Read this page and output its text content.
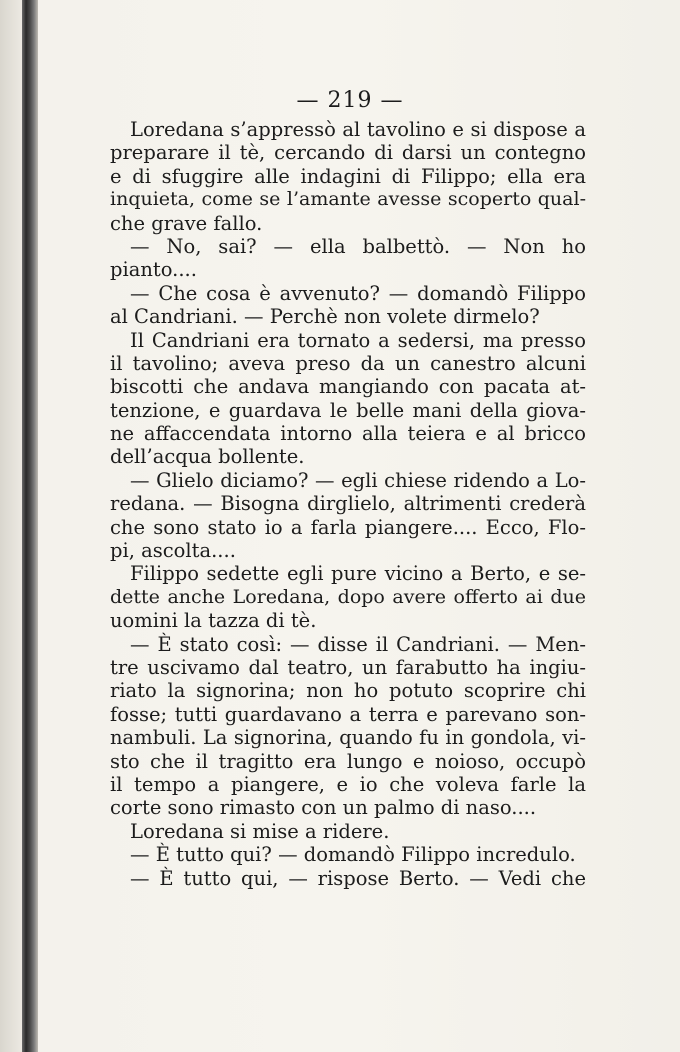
— 219 —
Loredana s’appressò al tavolino e si dispose a
preparare il tè, cercando di darsi un contegno
e di sfuggire alle indagini di Filippo; ella era
inquieta, come se l’amante avesse scoperto qual-
che grave fallo.
— No, sai? — ella balbettò. — Non ho
pianto....
— Che cosa è avvenuto? — domandò Filippo
al Candriani. — Perchè non volete dirmelo?
Il Candriani era tornato a sedersi, ma presso
il tavolino; aveva preso da un canestro alcuni
biscotti che andava mangiando con pacata at-
tenzione, e guardava le belle mani della giova-
ne affaccendata intorno alla teiera e al bricco
dell’acqua bollente.
— Glielo diciamo? — egli chiese ridendo a Lo-
redana. — Bisogna dirglielo, altrimenti crederà
che sono stato io a farla piangere.... Ecco, Flo-
pi, ascolta....
Filippo sedette egli pure vicino a Berto, e se-
dette anche Loredana, dopo avere offerto ai due
uomini la tazza di tè.
— È stato così: — disse il Candriani. — Men-
tre uscivamo dal teatro, un farabutto ha ingiu-
riato la signorina; non ho potuto scoprire chi
fosse; tutti guardavano a terra e parevano son-
nambuli. La signorina, quando fu in gondola, vi-
sto che il tragitto era lungo e noioso, occupò
il tempo a piangere, e io che voleva farle la
corte sono rimasto con un palmo di naso....
Loredana si mise a ridere.
— È tutto qui? — domandò Filippo incredulo.
— È tutto qui, — rispose Berto. — Vedi che
